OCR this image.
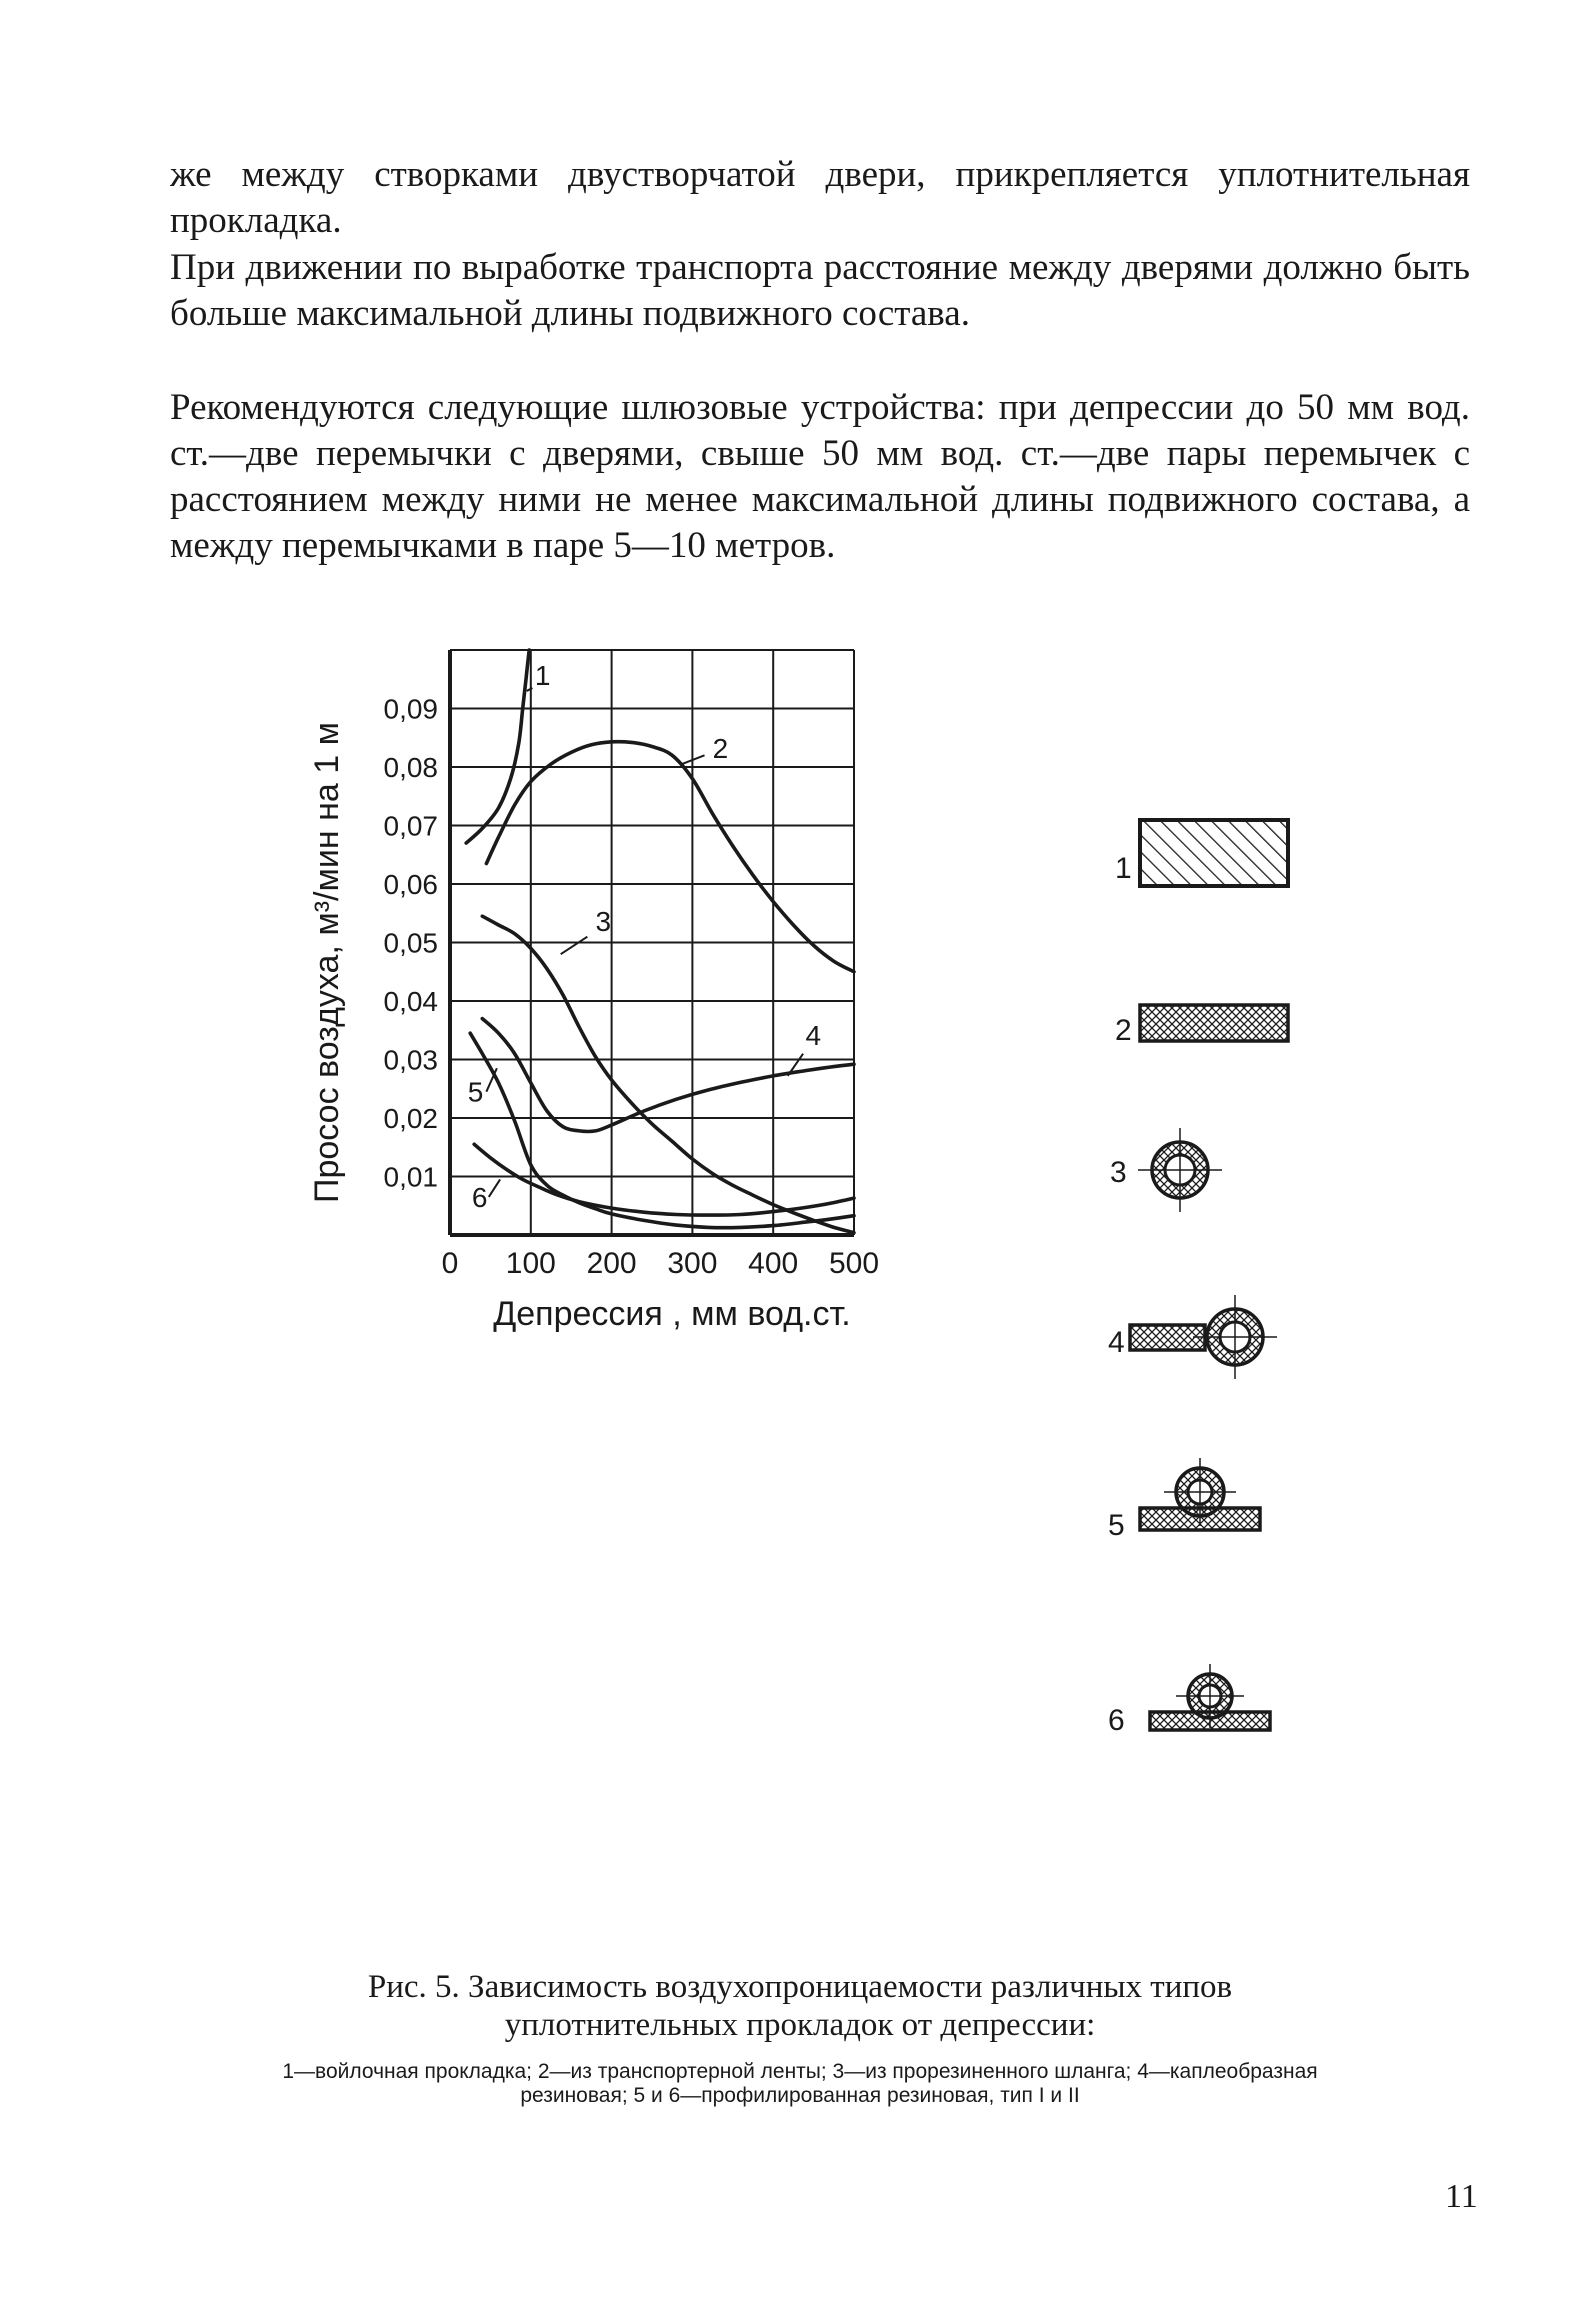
же между створками двустворчатой двери, прикрепляется уплотнительная прокладка.

При движении по выработке транспорта расстояние между дверями должно быть больше максимальной длины подвижного состава.

Рекомендуются следующие шлюзовые устройства: при депрессии до 50 мм вод. ст.—две перемычки с дверями, свыше 50 мм вод. ст.—две пары перемычек с расстоянием между ними не менее максимальной длины подвижного состава, а между перемычками в паре 5—10 метров.

1
2
3
4
5
6
0 100 200 300 400 500
0,01
0,02
0,03
0,04
0,05
0,06
0,07
0,08
0,09
Просос воздуха, м³/мин на 1 м
Депрессия , мм вод.ст.
1
2
3
4
5
6

Рис. 5. Зависимость воздухопроницаемости различных типов уплотнительных прокладок от депрессии:

1—войлочная прокладка; 2—из транспортерной ленты; 3—из прорезиненного шланга; 4—каплеобразная резиновая; 5 и 6—профилированная резиновая, тип I и II

11
